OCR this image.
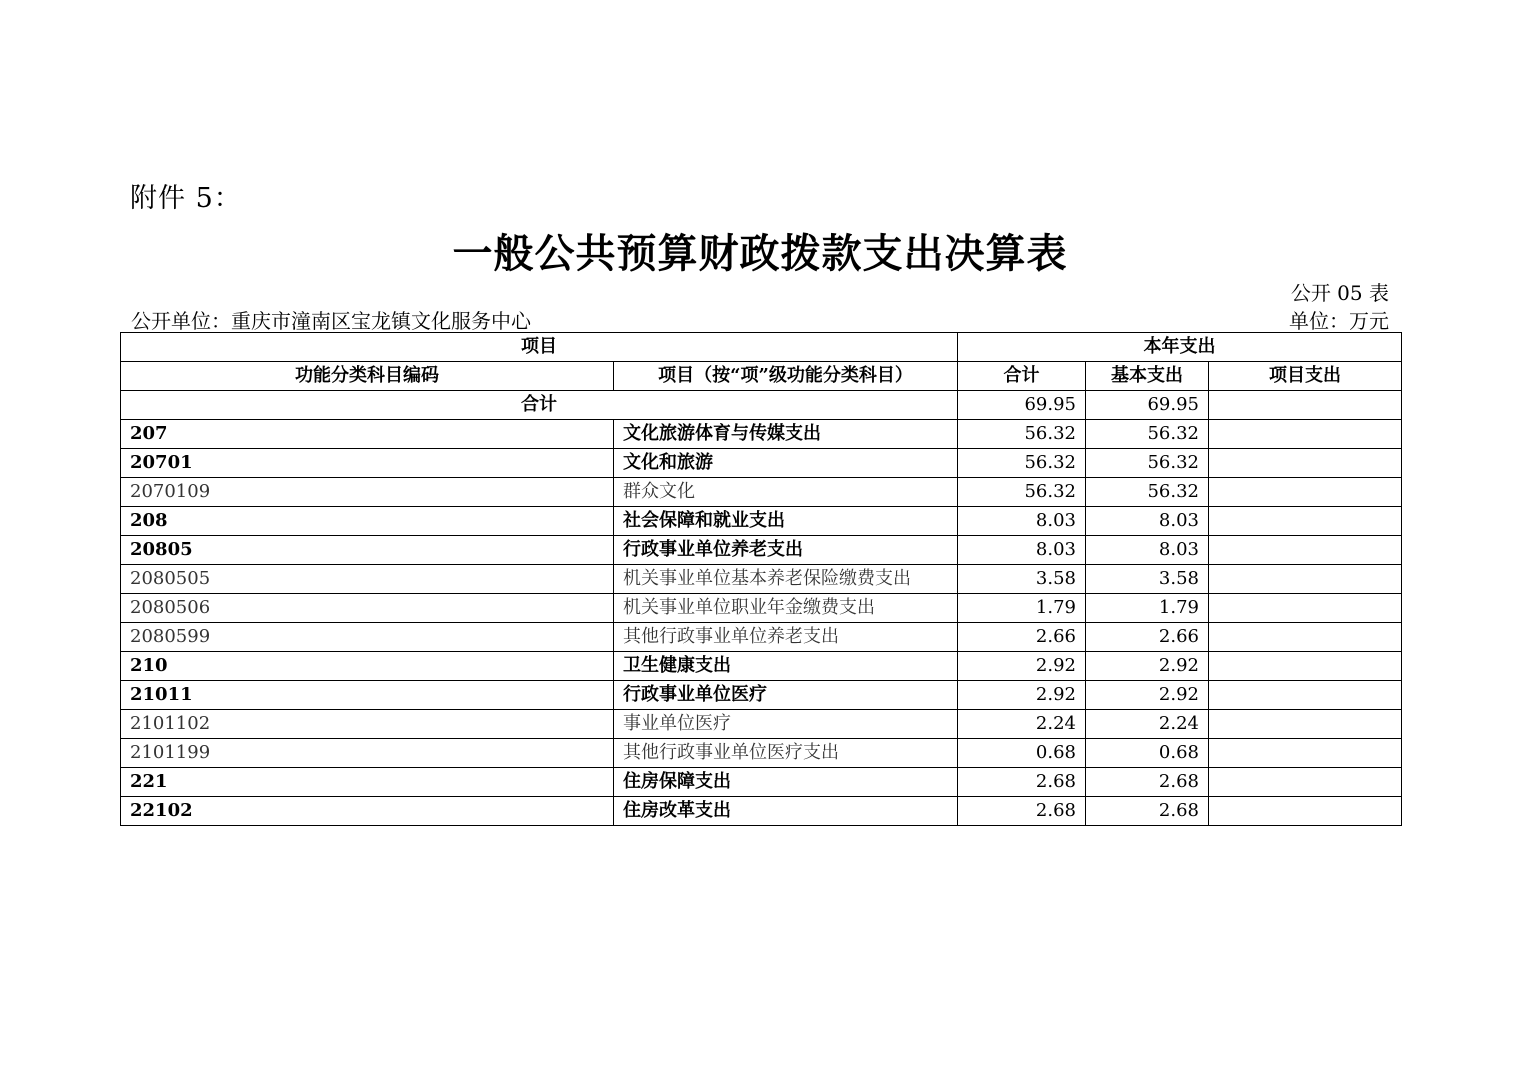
附件 5：
一般公共预算财政拨款支出决算表
公开 05 表
公开单位：重庆市潼南区宝龙镇文化服务中心	单位：万元
项目		本年支出		
功能分类科目编码	项目（按“项”级功能分类科目）	合计	基本支出	项目支出
合计		69.95	69.95	
207	文化旅游体育与传媒支出	56.32	56.32	
20701	文化和旅游	56.32	56.32	
2070109	群众文化	56.32	56.32	
208	社会保障和就业支出	8.03	8.03	
20805	行政事业单位养老支出	8.03	8.03	
2080505	机关事业单位基本养老保险缴费支出	3.58	3.58	
2080506	机关事业单位职业年金缴费支出	1.79	1.79	
2080599	其他行政事业单位养老支出	2.66	2.66	
210	卫生健康支出	2.92	2.92	
21011	行政事业单位医疗	2.92	2.92	
2101102	事业单位医疗	2.24	2.24	
2101199	其他行政事业单位医疗支出	0.68	0.68	
221	住房保障支出	2.68	2.68	
22102	住房改革支出	2.68	2.68	
